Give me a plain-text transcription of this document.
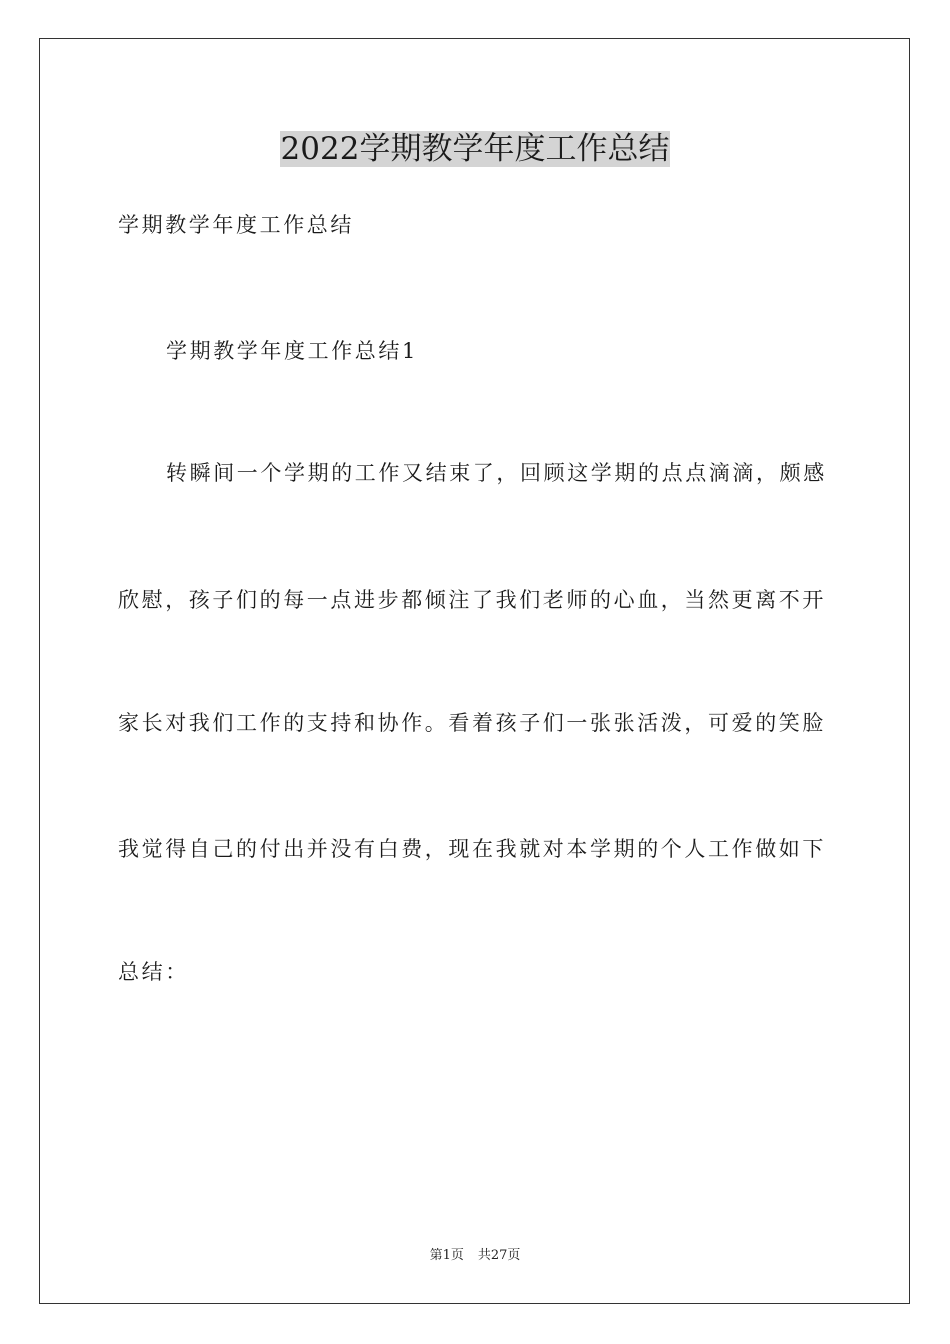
2022学期教学年度工作总结
学期教学年度工作总结
学期教学年度工作总结1
转瞬间一个学期的工作又结束了，回顾这学期的点点滴滴，颇感
欣慰，孩子们的每一点进步都倾注了我们老师的心血，当然更离不开
家长对我们工作的支持和协作。看着孩子们一张张活泼，可爱的笑脸
我觉得自己的付出并没有白费，现在我就对本学期的个人工作做如下
总结：
第1页 共27页
